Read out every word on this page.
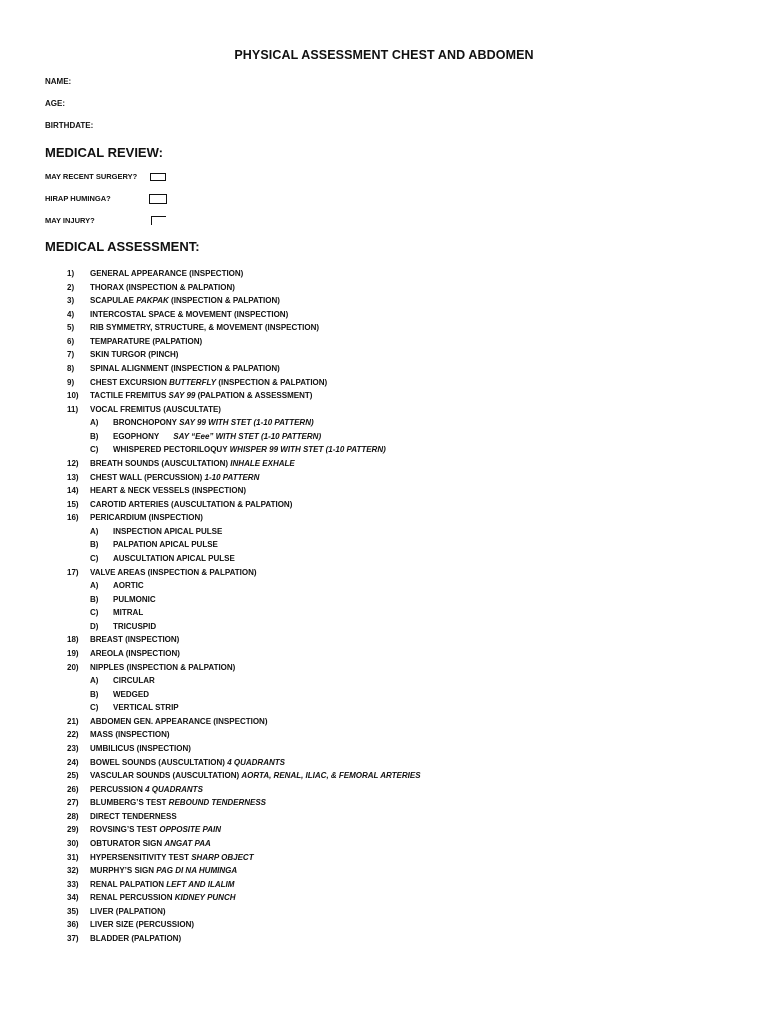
PHYSICAL ASSESSMENT CHEST AND ABDOMEN
NAME:
AGE:
BIRTHDATE:
MEDICAL REVIEW:
MAY RECENT SURGERY?
HIRAP HUMINGA?
MAY INJURY?
MEDICAL ASSESSMENT:
1)	GENERAL APPEARANCE (INSPECTION)
2)	THORAX (INSPECTION & PALPATION)
3)	SCAPULAE PAKPAK (INSPECTION & PALPATION)
4)	INTERCOSTAL SPACE & MOVEMENT (INSPECTION)
5)	RIB SYMMETRY, STRUCTURE, & MOVEMENT (INSPECTION)
6)	TEMPARATURE (PALPATION)
7)	SKIN TURGOR (PINCH)
8)	SPINAL ALIGNMENT (INSPECTION & PALPATION)
9)	CHEST EXCURSION BUTTERFLY (INSPECTION & PALPATION)
10)	TACTILE FREMITUS SAY 99 (PALPATION & ASSESSMENT)
11)	VOCAL FREMITUS (AUSCULTATE)
A)	BRONCHOPONY SAY 99 WITH STET (1-10 PATTERN)
B)	EGOPHONY SAY “Eee” WITH STET (1-10 PATTERN)
C)	WHISPERED PECTORILOQUY WHISPER 99 WITH STET (1-10 PATTERN)
12)	BREATH SOUNDS (AUSCULTATION) INHALE EXHALE
13)	CHEST WALL (PERCUSSION) 1-10 PATTERN
14)	HEART & NECK VESSELS (INSPECTION)
15)	CAROTID ARTERIES (AUSCULTATION & PALPATION)
16)	PERICARDIUM (INSPECTION)
A)	INSPECTION APICAL PULSE
B)	PALPATION APICAL PULSE
C)	AUSCULTATION APICAL PULSE
17)	VALVE AREAS (INSPECTION & PALPATION)
A)	AORTIC
B)	PULMONIC
C)	MITRAL
D)	TRICUSPID
18)	BREAST (INSPECTION)
19)	AREOLA (INSPECTION)
20)	NIPPLES (INSPECTION & PALPATION)
A)	CIRCULAR
B)	WEDGED
C)	VERTICAL STRIP
21)	ABDOMEN GEN. APPEARANCE (INSPECTION)
22)	MASS (INSPECTION)
23)	UMBILICUS (INSPECTION)
24)	BOWEL SOUNDS (AUSCULTATION) 4 QUADRANTS
25)	VASCULAR SOUNDS (AUSCULTATION) AORTA, RENAL, ILIAC, & FEMORAL ARTERIES
26)	PERCUSSION 4 QUADRANTS
27)	BLUMBERG’S TEST REBOUND TENDERNESS
28)	DIRECT TENDERNESS
29)	ROVSING’S TEST OPPOSITE PAIN
30)	OBTURATOR SIGN ANGAT PAA
31)	HYPERSENSITIVITY TEST SHARP OBJECT
32)	MURPHY’S SIGN PAG DI NA HUMINGA
33)	RENAL PALPATION LEFT AND ILALIM
34)	RENAL PERCUSSION KIDNEY PUNCH
35)	LIVER (PALPATION)
36)	LIVER SIZE (PERCUSSION)
37)	BLADDER (PALPATION)
